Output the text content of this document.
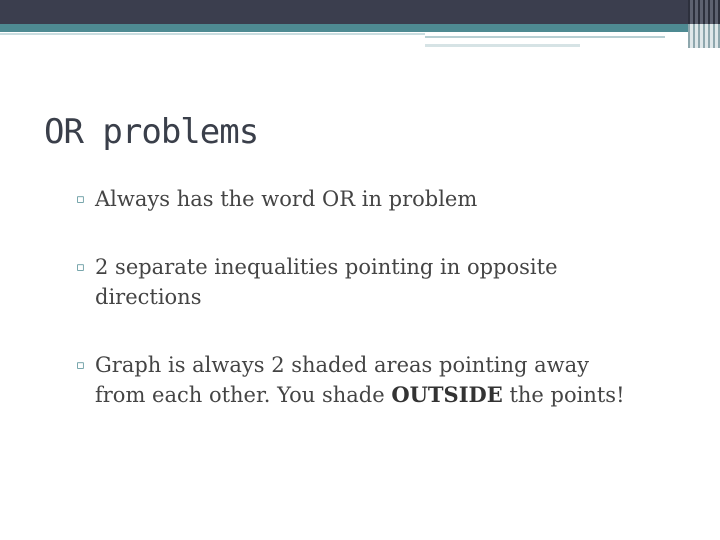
OR problems
▫ Always has the word OR in problem
▫ 2 separate inequalities pointing in opposite directions
▫ Graph is always 2 shaded areas pointing away from each other. You shade OUTSIDE the points!
